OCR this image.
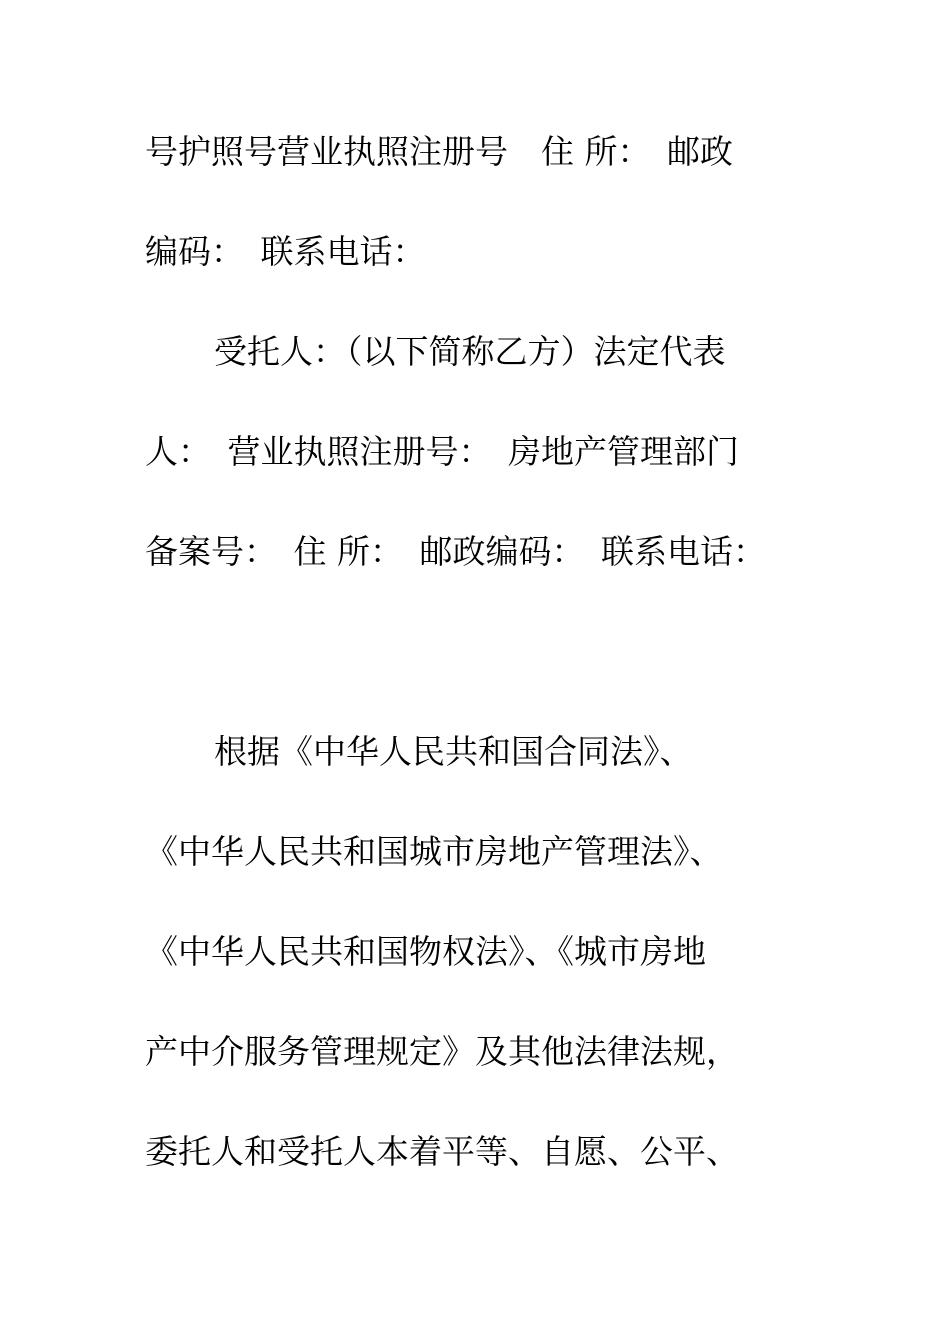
号护照号营业执照注册号　住 所：　邮政
编码：　联系电话：
受托人：（以下简称乙方）法定代表
人：　营业执照注册号：　房地产管理部门
备案号：　住 所：　邮政编码：　联系电话：
根据《中华人民共和国合同法》、
《中华人民共和国城市房地产管理法》、
《中华人民共和国物权法》、《城市房地
产中介服务管理规定》及其他法律法规，
委托人和受托人本着平等、自愿、公平、
